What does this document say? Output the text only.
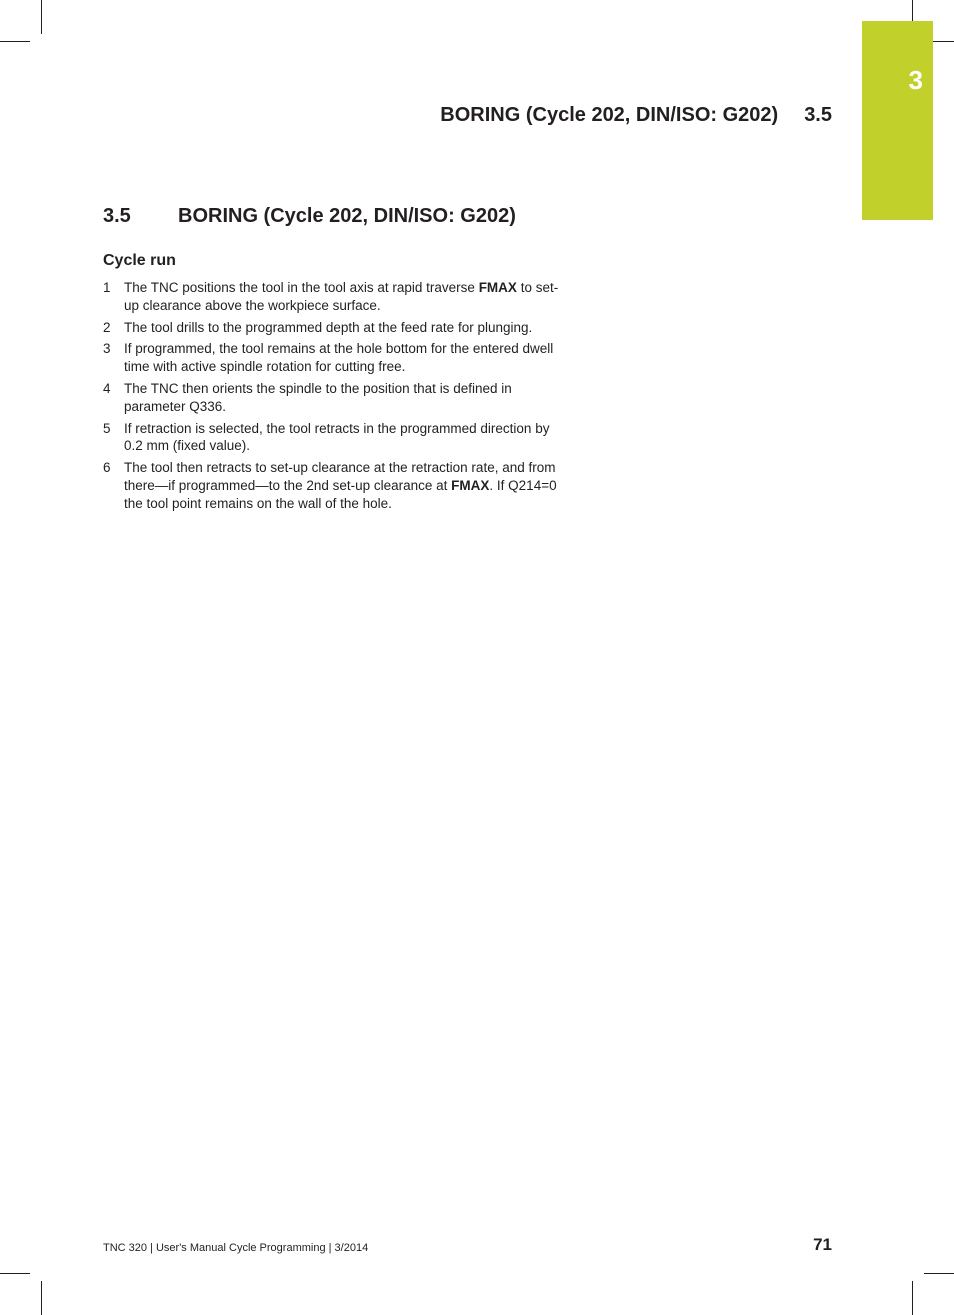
3
BORING (Cycle 202, DIN/ISO: G202) 3.5
3.5 BORING (Cycle 202, DIN/ISO: G202)
Cycle run
1 The TNC positions the tool in the tool axis at rapid traverse FMAX to set-up clearance above the workpiece surface.
2 The tool drills to the programmed depth at the feed rate for plunging.
3 If programmed, the tool remains at the hole bottom for the entered dwell time with active spindle rotation for cutting free.
4 The TNC then orients the spindle to the position that is defined in parameter Q336.
5 If retraction is selected, the tool retracts in the programmed direction by 0.2 mm (fixed value).
6 The tool then retracts to set-up clearance at the retraction rate, and from there—if programmed—to the 2nd set-up clearance at FMAX. If Q214=0 the tool point remains on the wall of the hole.
TNC 320 | User's Manual Cycle Programming | 3/2014	71
